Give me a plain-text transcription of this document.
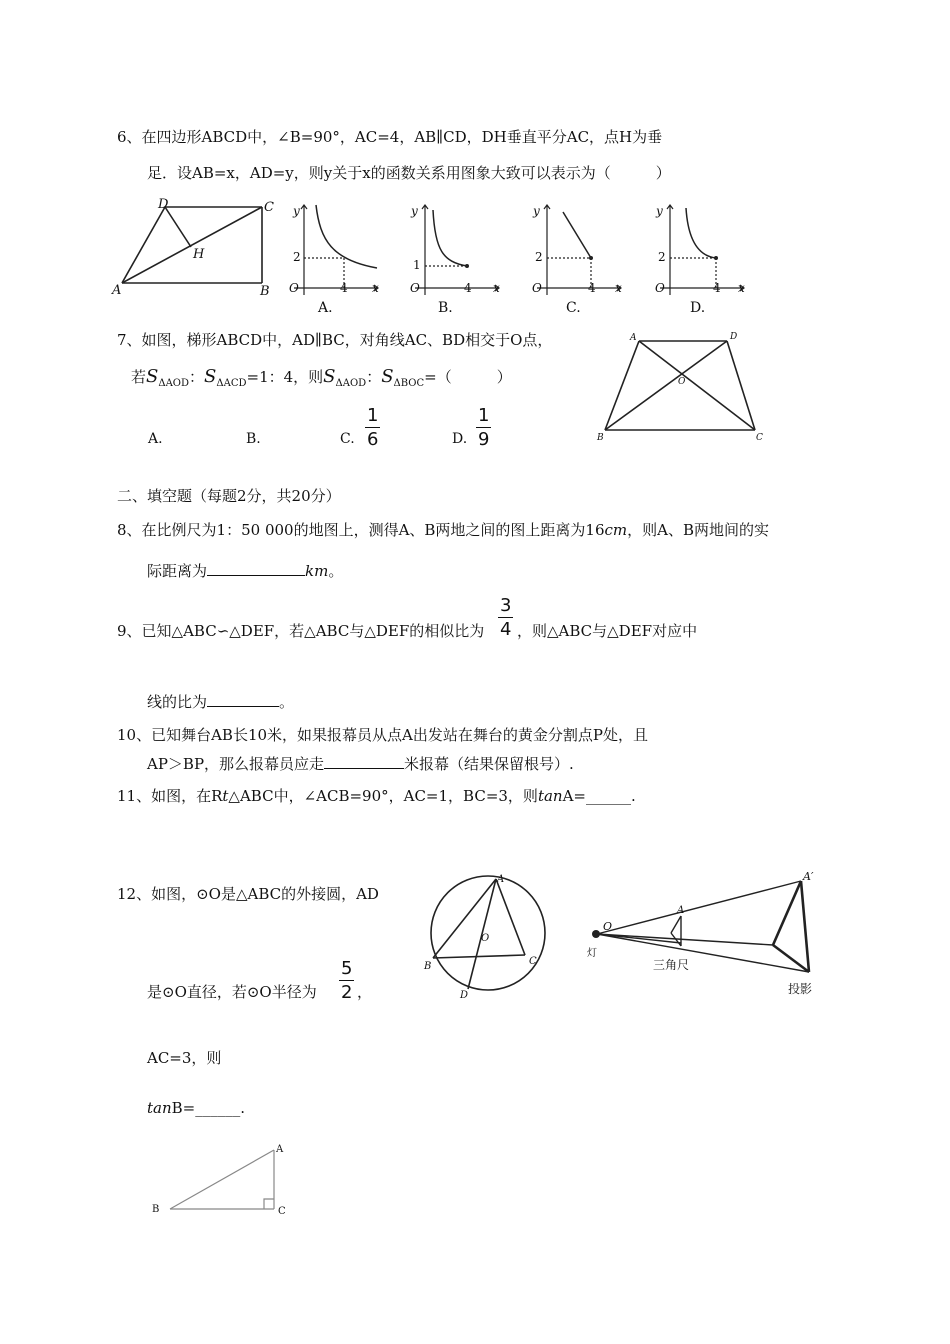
6、在四边形ABCD中，∠B=90°，AC=4，AB∥CD，DH垂直平分AC，点H为垂
足．设AB=x，AD=y，则y关于x的函数关系用图象大致可以表示为（　　　）
A	B
C
D
H
y
2
O	4 x
A.
y
1
O	4 x
B.
y
2
O	4 x
C.
y
2
O	4 x
D.
7、如图，梯形ABCD中，AD∥BC，对角线AC、BD相交于O点，
若$S_{\Delta AOD}$：$S_{\Delta ACD}=1$：4，则$S_{\Delta AOD}$：$S_{\Delta BOC}=$（　　　）
A.	B.	C. $\frac{1}{6}$	D. $\frac{1}{9}$
A	D
O
B	C
二、填空题（每题2分，共20分）
8、在比例尺为1：50 000的地图上，测得A、B两地之间的图上距离为16cm，则A、B两地间的实
际距离为	km。
9、已知△ABC∽△DEF，若△ABC与△DEF的相似比为 $\frac{3}{4}$ ，则△ABC与△DEF对应中
线的比为	。
10、已知舞台AB长10米，如果报幕员从点A出发站在舞台的黄金分割点P处，且
AP＞BP，那么报幕员应走	米报幕（结果保留根号）.
11、如图，在Rt△ABC中，∠ACB=90°，AC=1，BC=3，则tanA=______.
12、如图，⊙O是△ABC的外接圆，AD
是⊙O直径，若⊙O半径为 $\frac{5}{2}$ ，
AC=3，则
tanB=______.
A
O
B	C
D
灯
O
A
三角尺
A′
投影
A
B	C
